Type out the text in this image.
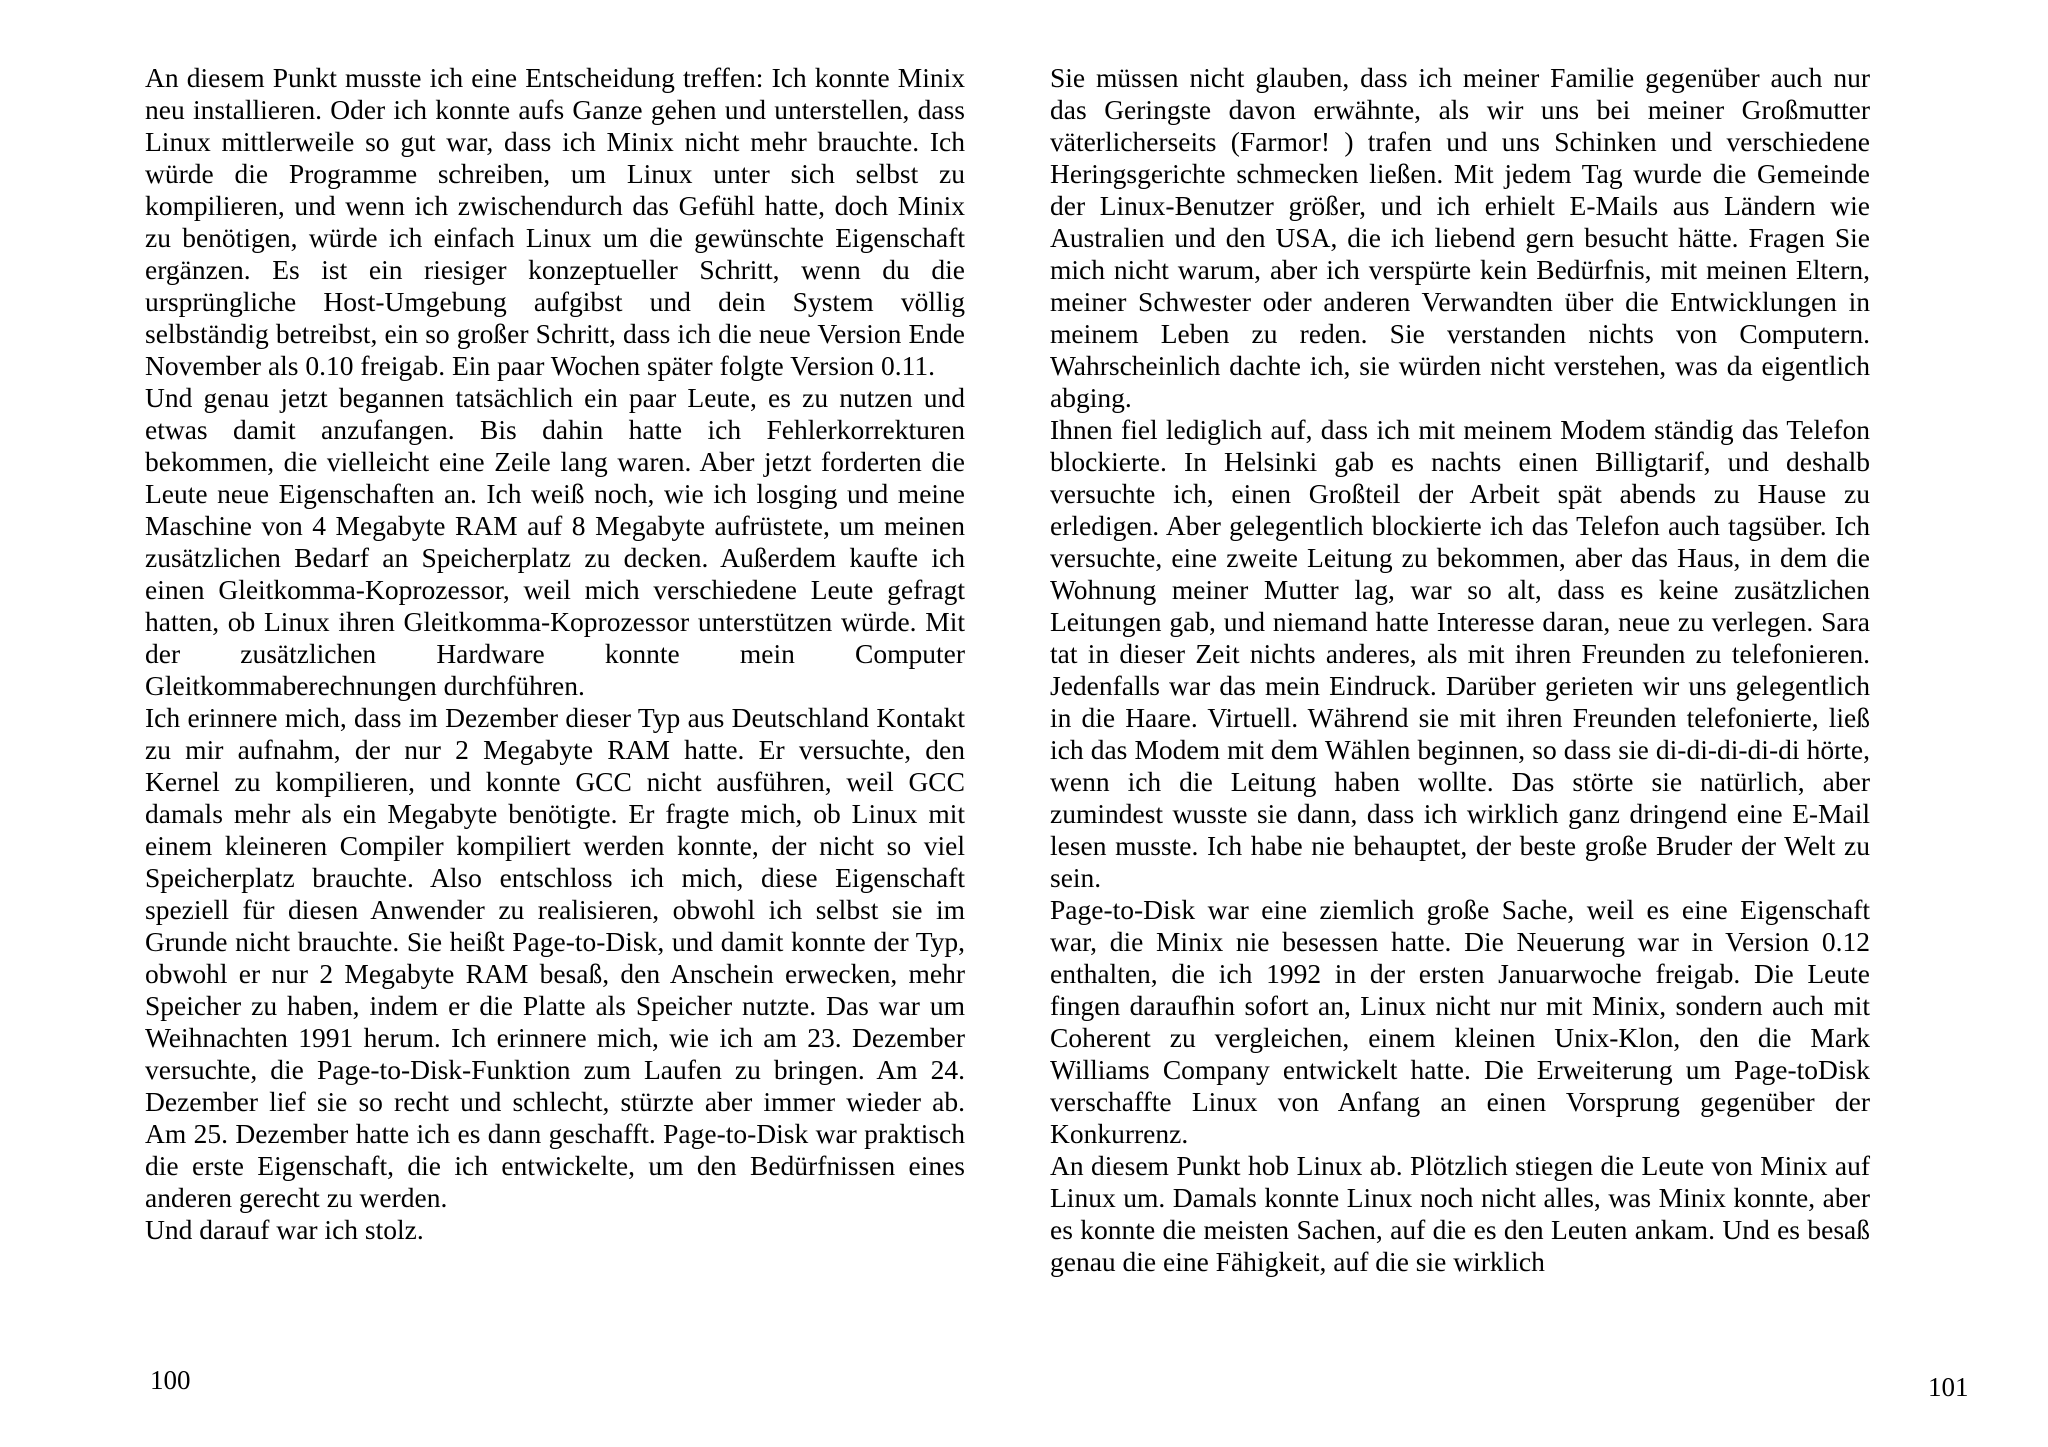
An diesem Punkt musste ich eine Entscheidung treffen: Ich konnte Minix neu installieren. Oder ich konnte aufs Ganze gehen und unterstellen, dass Linux mittlerweile so gut war, dass ich Minix nicht mehr brauchte. Ich würde die Programme schreiben, um Linux unter sich selbst zu kompilieren, und wenn ich zwischendurch das Gefühl hatte, doch Minix zu benötigen, würde ich einfach Linux um die gewünschte Eigenschaft ergänzen. Es ist ein riesiger konzeptueller Schritt, wenn du die ursprüngliche Host-Umgebung aufgibst und dein System völlig selbständig betreibst, ein so großer Schritt, dass ich die neue Version Ende November als 0.10 freigab. Ein paar Wochen später folgte Version 0.11.

Und genau jetzt begannen tatsächlich ein paar Leute, es zu nutzen und etwas damit anzufangen. Bis dahin hatte ich Fehlerkorrekturen bekommen, die vielleicht eine Zeile lang waren. Aber jetzt forderten die Leute neue Eigenschaften an. Ich weiß noch, wie ich losging und meine Maschine von 4 Megabyte RAM auf 8 Megabyte aufrüstete, um meinen zusätzlichen Bedarf an Speicherplatz zu decken. Außerdem kaufte ich einen Gleitkomma-Koprozessor, weil mich verschiedene Leute gefragt hatten, ob Linux ihren Gleitkomma-Koprozessor unterstützen würde. Mit der zusätzlichen Hardware konnte mein Computer Gleitkommaberechnungen durchführen.

Ich erinnere mich, dass im Dezember dieser Typ aus Deutschland Kontakt zu mir aufnahm, der nur 2 Megabyte RAM hatte. Er versuchte, den Kernel zu kompilieren, und konnte GCC nicht ausführen, weil GCC damals mehr als ein Megabyte benötigte. Er fragte mich, ob Linux mit einem kleineren Compiler kompiliert werden konnte, der nicht so viel Speicherplatz brauchte. Also entschloss ich mich, diese Eigenschaft speziell für diesen Anwender zu realisieren, obwohl ich selbst sie im Grunde nicht brauchte. Sie heißt Page-to-Disk, und damit konnte der Typ, obwohl er nur 2 Megabyte RAM besaß, den Anschein erwecken, mehr Speicher zu haben, indem er die Platte als Speicher nutzte. Das war um Weihnachten 1991 herum. Ich erinnere mich, wie ich am 23. Dezember versuchte, die Page-to-Disk-Funktion zum Laufen zu bringen. Am 24. Dezember lief sie so recht und schlecht, stürzte aber immer wieder ab. Am 25. Dezember hatte ich es dann geschafft. Page-to-Disk war praktisch die erste Eigenschaft, die ich entwickelte, um den Bedürfnissen eines anderen gerecht zu werden.

Und darauf war ich stolz.

Sie müssen nicht glauben, dass ich meiner Familie gegenüber auch nur das Geringste davon erwähnte, als wir uns bei meiner Großmutter väterlicherseits (Farmor! ) trafen und uns Schinken und verschiedene Heringsgerichte schmecken ließen. Mit jedem Tag wurde die Gemeinde der Linux-Benutzer größer, und ich erhielt E-Mails aus Ländern wie Australien und den USA, die ich liebend gern besucht hätte. Fragen Sie mich nicht warum, aber ich verspürte kein Bedürfnis, mit meinen Eltern, meiner Schwester oder anderen Verwandten über die Entwicklungen in meinem Leben zu reden. Sie verstanden nichts von Computern. Wahrscheinlich dachte ich, sie würden nicht verstehen, was da eigentlich abging.

Ihnen fiel lediglich auf, dass ich mit meinem Modem ständig das Telefon blockierte. In Helsinki gab es nachts einen Billigtarif, und deshalb versuchte ich, einen Großteil der Arbeit spät abends zu Hause zu erledigen. Aber gelegentlich blockierte ich das Telefon auch tagsüber. Ich versuchte, eine zweite Leitung zu bekommen, aber das Haus, in dem die Wohnung meiner Mutter lag, war so alt, dass es keine zusätzlichen Leitungen gab, und niemand hatte Interesse daran, neue zu verlegen. Sara tat in dieser Zeit nichts anderes, als mit ihren Freunden zu telefonieren. Jedenfalls war das mein Eindruck. Darüber gerieten wir uns gelegentlich in die Haare. Virtuell. Während sie mit ihren Freunden telefonierte, ließ ich das Modem mit dem Wählen beginnen, so dass sie di-di-di-di-di hörte, wenn ich die Leitung haben wollte. Das störte sie natürlich, aber zumindest wusste sie dann, dass ich wirklich ganz dringend eine E-Mail lesen musste. Ich habe nie behauptet, der beste große Bruder der Welt zu sein.

Page-to-Disk war eine ziemlich große Sache, weil es eine Eigenschaft war, die Minix nie besessen hatte. Die Neuerung war in Version 0.12 enthalten, die ich 1992 in der ersten Januarwoche freigab. Die Leute fingen daraufhin sofort an, Linux nicht nur mit Minix, sondern auch mit Coherent zu vergleichen, einem kleinen Unix-Klon, den die Mark Williams Company entwickelt hatte. Die Erweiterung um Page-toDisk verschaffte Linux von Anfang an einen Vorsprung gegenüber der Konkurrenz.

An diesem Punkt hob Linux ab. Plötzlich stiegen die Leute von Minix auf Linux um. Damals konnte Linux noch nicht alles, was Minix konnte, aber es konnte die meisten Sachen, auf die es den Leuten ankam. Und es besaß genau die eine Fähigkeit, auf die sie wirklich

100	101
